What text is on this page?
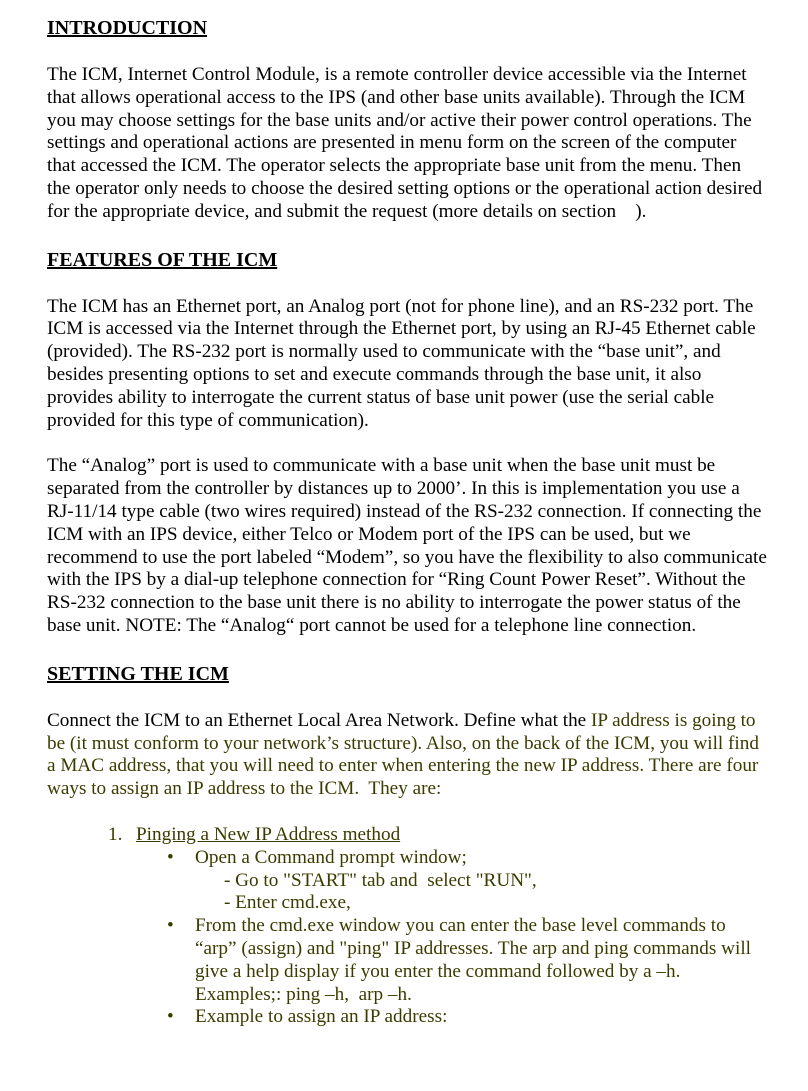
INTRODUCTION

The ICM, Internet Control Module, is a remote controller device accessible via the Internet that allows operational access to the IPS (and other base units available). Through the ICM you may choose settings for the base units and/or active their power control operations. The settings and operational actions are presented in menu form on the screen of the computer that accessed the ICM. The operator selects the appropriate base unit from the menu. Then the operator only needs to choose the desired setting options or the operational action desired for the appropriate device, and submit the request (more details on section    ).

FEATURES OF THE ICM

The ICM has an Ethernet port, an Analog port (not for phone line), and an RS-232 port. The ICM is accessed via the Internet through the Ethernet port, by using an RJ-45 Ethernet cable (provided). The RS-232 port is normally used to communicate with the “base unit”, and besides presenting options to set and execute commands through the base unit, it also provides ability to interrogate the current status of base unit power (use the serial cable provided for this type of communication).

The “Analog” port is used to communicate with a base unit when the base unit must be separated from the controller by distances up to 2000’. In this is implementation you use a RJ-11/14 type cable (two wires required) instead of the RS-232 connection. If connecting the ICM with an IPS device, either Telco or Modem port of the IPS can be used, but we recommend to use the port labeled “Modem”, so you have the flexibility to also communicate with the IPS by a dial-up telephone connection for “Ring Count Power Reset”. Without the RS-232 connection to the base unit there is no ability to interrogate the power status of the base unit. NOTE: The “Analog“ port cannot be used for a telephone line connection.

SETTING THE ICM

Connect the ICM to an Ethernet Local Area Network. Define what the IP address is going to be (it must conform to your network’s structure). Also, on the back of the ICM, you will find a MAC address, that you will need to enter when entering the new IP address. There are four ways to assign an IP address to the ICM.  They are:

1. Pinging a New IP Address method
• Open a Command prompt window;
- Go to "START" tab and  select "RUN",
- Enter cmd.exe,
• From the cmd.exe window you can enter the base level commands to “arp” (assign) and "ping" IP addresses. The arp and ping commands will give a help display if you enter the command followed by a –h.  Examples;: ping –h,  arp –h.
• Example to assign an IP address:
